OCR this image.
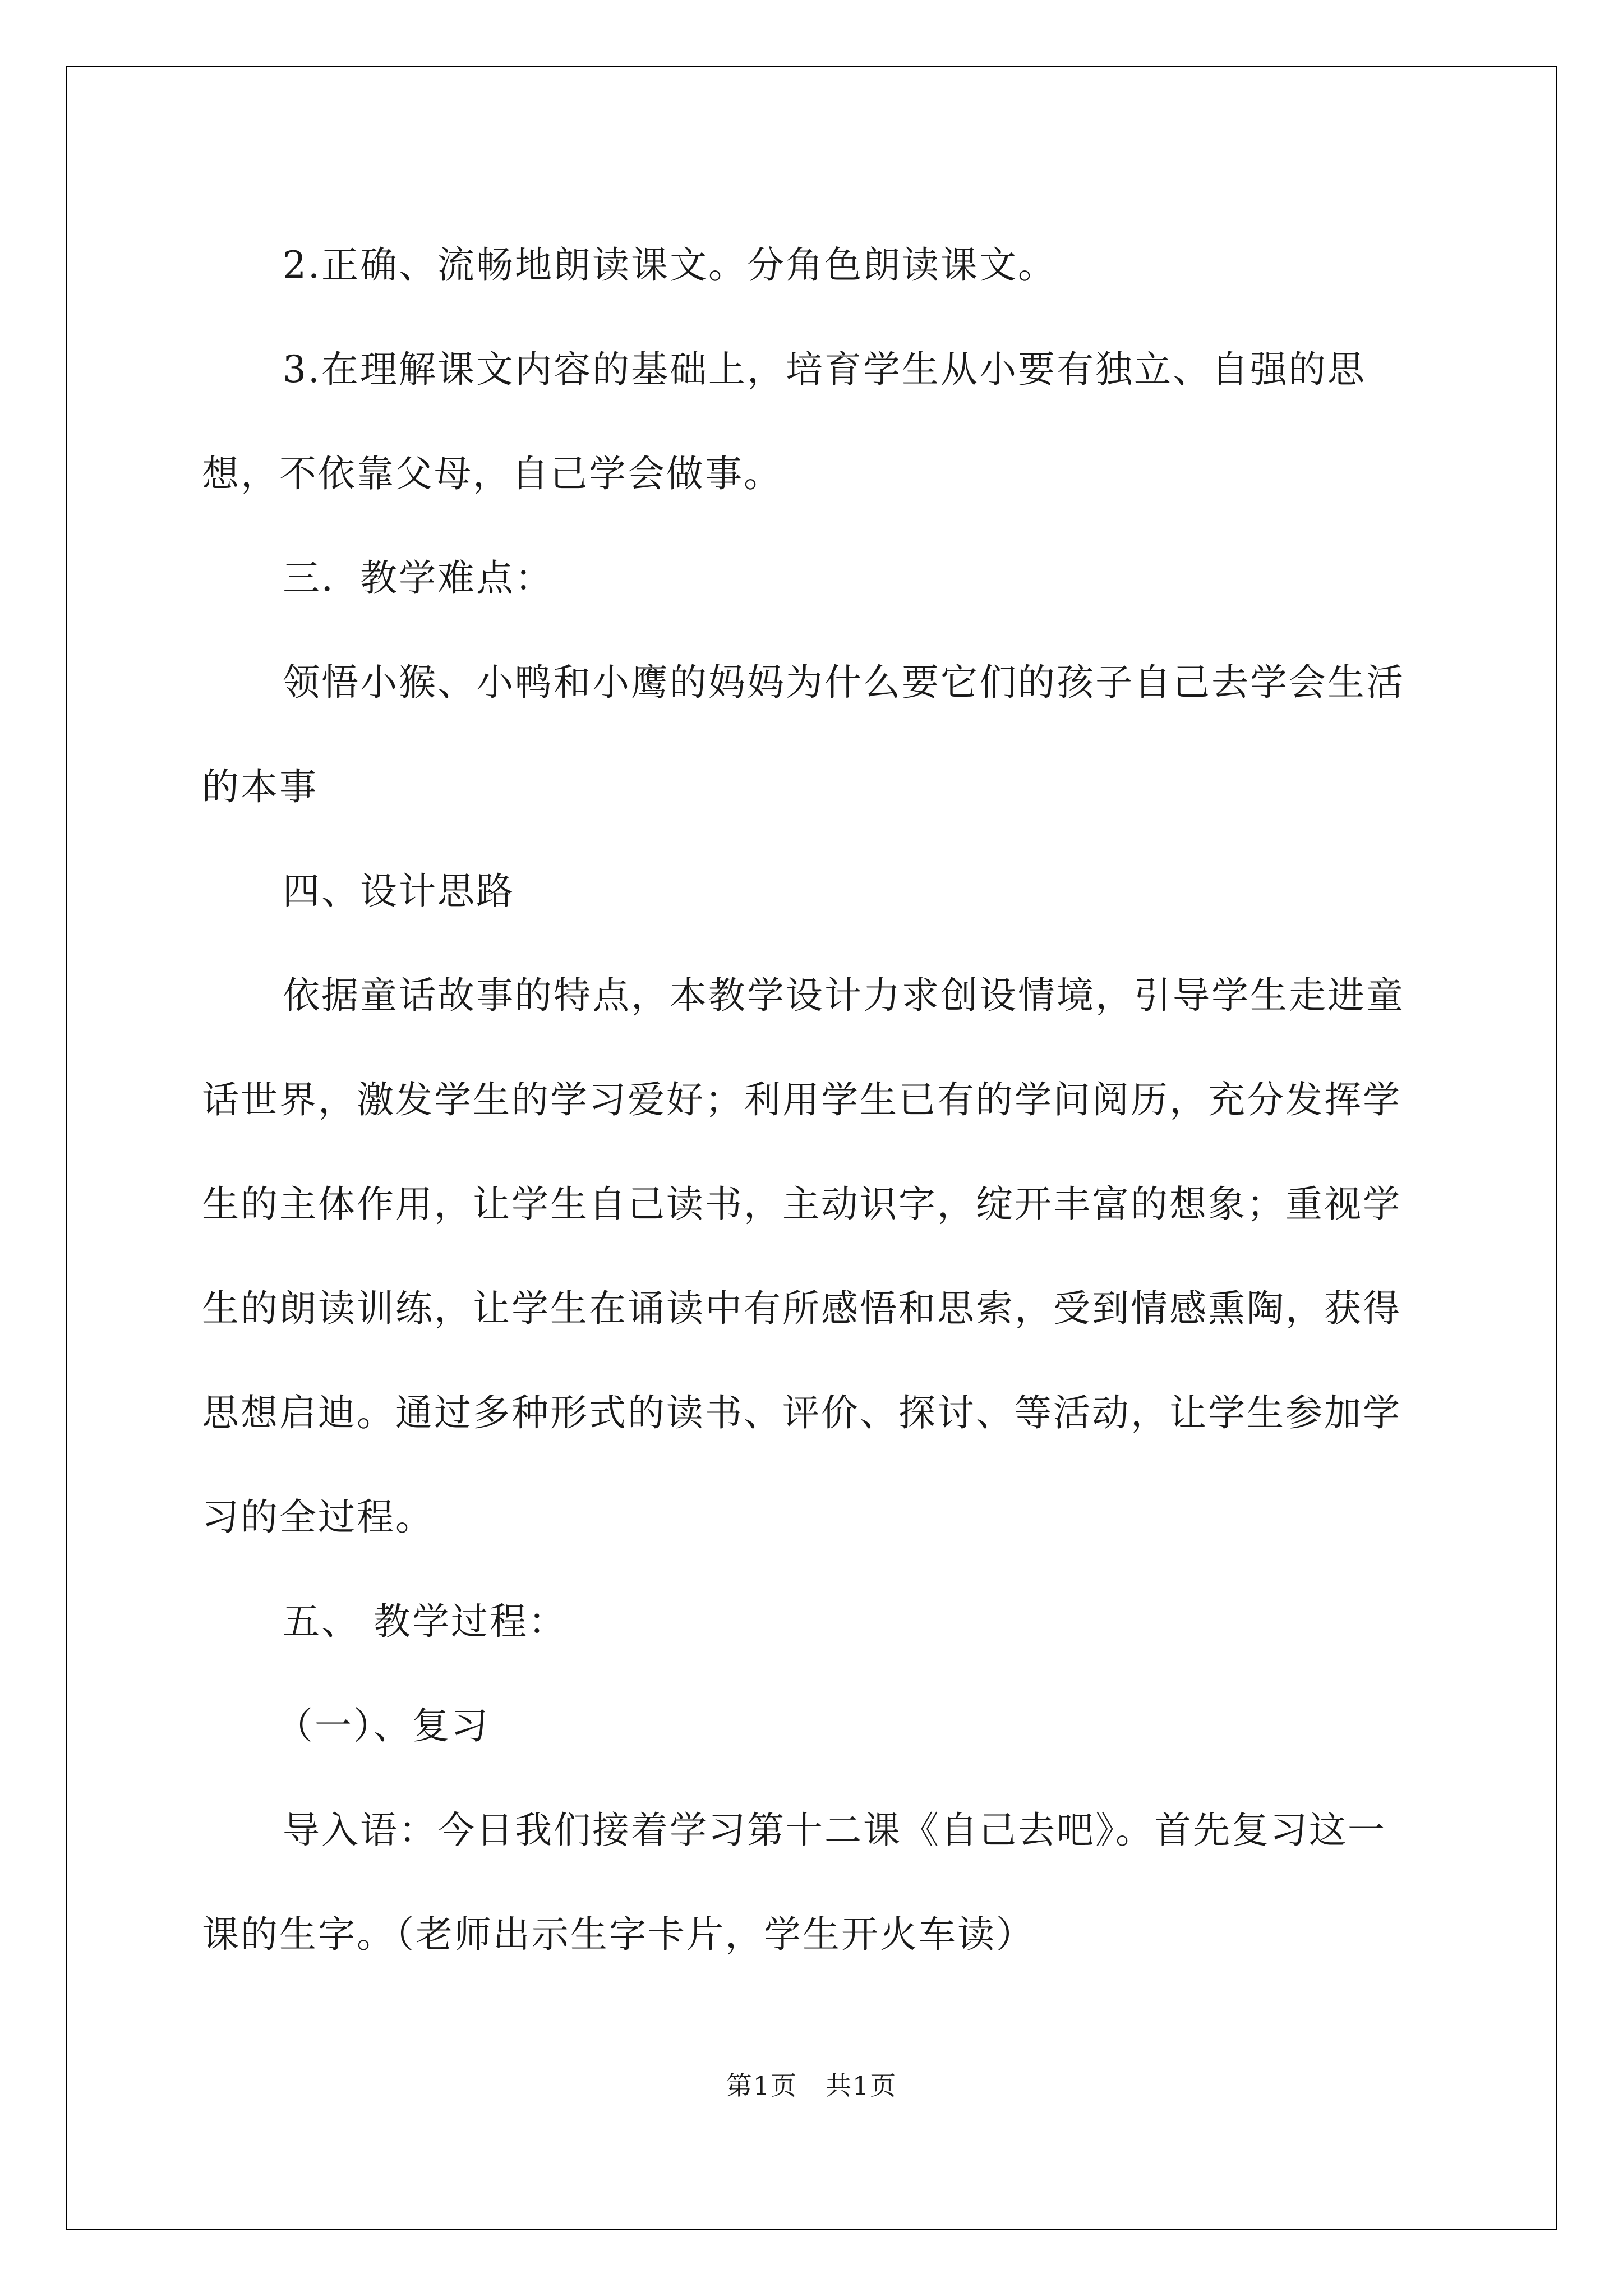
2.正确、流畅地朗读课文。分角色朗读课文。

3.在理解课文内容的基础上，培育学生从小要有独立、自强的思想，不依靠父母，自己学会做事。

三．教学难点：

领悟小猴、小鸭和小鹰的妈妈为什么要它们的孩子自己去学会生活的本事

四、设计思路

依据童话故事的特点，本教学设计力求创设情境，引导学生走进童话世界，激发学生的学习爱好；利用学生已有的学问阅历，充分发挥学生的主体作用，让学生自己读书，主动识字，绽开丰富的想象；重视学生的朗读训练，让学生在诵读中有所感悟和思索，受到情感熏陶，获得思想启迪。通过多种形式的读书、评价、探讨、等活动，让学生参加学习的全过程。

五、 教学过程：

（一）、复习

导入语：今日我们接着学习第十二课《自己去吧》。首先复习这一课的生字。（老师出示生字卡片，学生开火车读）

第1页 共1页
